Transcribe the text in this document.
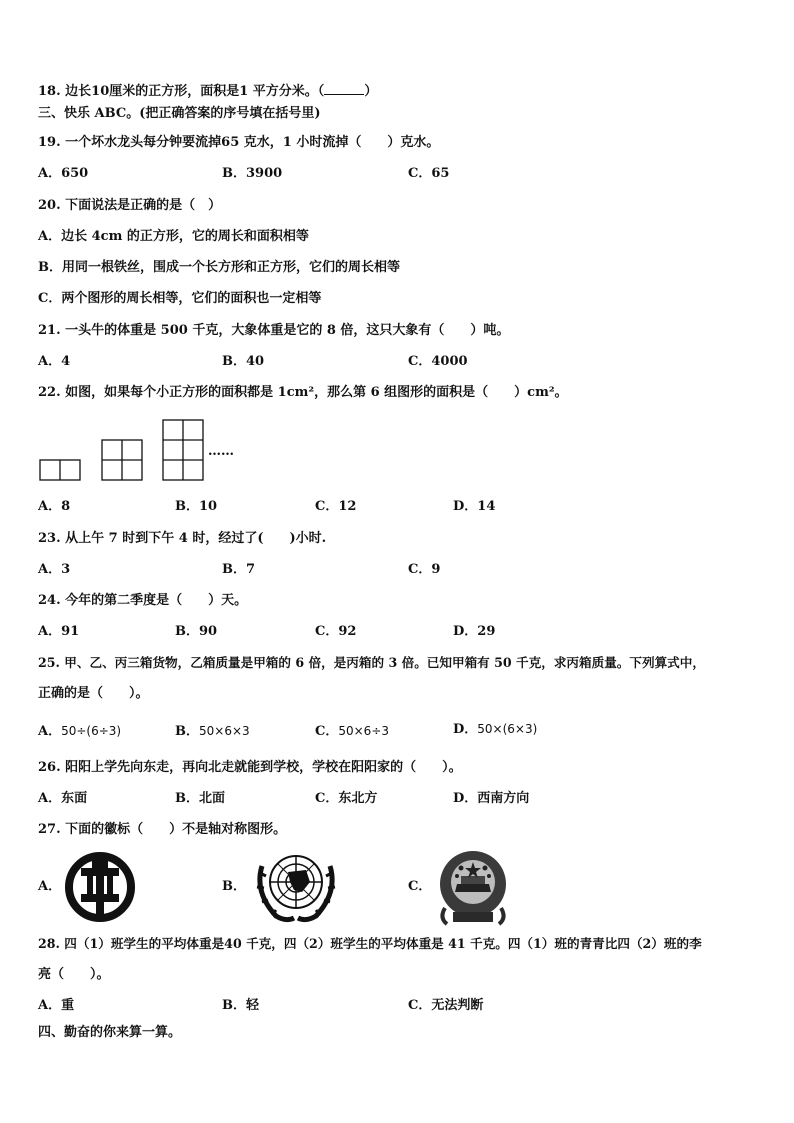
18. 边长10厘米的正方形，面积是1 平方分米。（	）
三、快乐 ABC。(把正确答案的序号填在括号里)
19. 一个坏水龙头每分钟要流掉65 克水，1 小时流掉（　　）克水。
A．650	B．3900	C．65
20. 下面说法是正确的是（　）
A．边长 4cm 的正方形，它的周长和面积相等
B．用同一根铁丝，围成一个长方形和正方形，它们的周长相等
C．两个图形的周长相等，它们的面积也一定相等
21. 一头牛的体重是 500 千克，大象体重是它的 8 倍，这只大象有（　　）吨。
A．4	B．40	C．4000
22. 如图，如果每个小正方形的面积都是 1cm²，那么第 6 组图形的面积是（　　）cm²。
……
A．8	B．10	C．12	D．14
23. 从上午 7 时到下午 4 时，经过了(　　)小时.
A．3	B．7	C．9
24. 今年的第二季度是（　　）天。
A．91	B．90	C．92	D．29
25. 甲、乙、丙三箱货物，乙箱质量是甲箱的 6 倍，是丙箱的 3 倍。已知甲箱有 50 千克，求丙箱质量。下列算式中，
正确的是（　　）。
A．50÷(6÷3)	B．50×6×3	C．50×6÷3	D．50×(6×3)
26. 阳阳上学先向东走，再向北走就能到学校，学校在阳阳家的（　　）。
A．东面	B．北面	C．东北方	D．西南方向
27. 下面的徽标（　　）不是轴对称图形。
A．	B．	C．
28. 四（1）班学生的平均体重是40 千克，四（2）班学生的平均体重是 41 千克。四（1）班的青青比四（2）班的李
亮（　　）。
A．重	B．轻	C．无法判断
四、勤奋的你来算一算。
